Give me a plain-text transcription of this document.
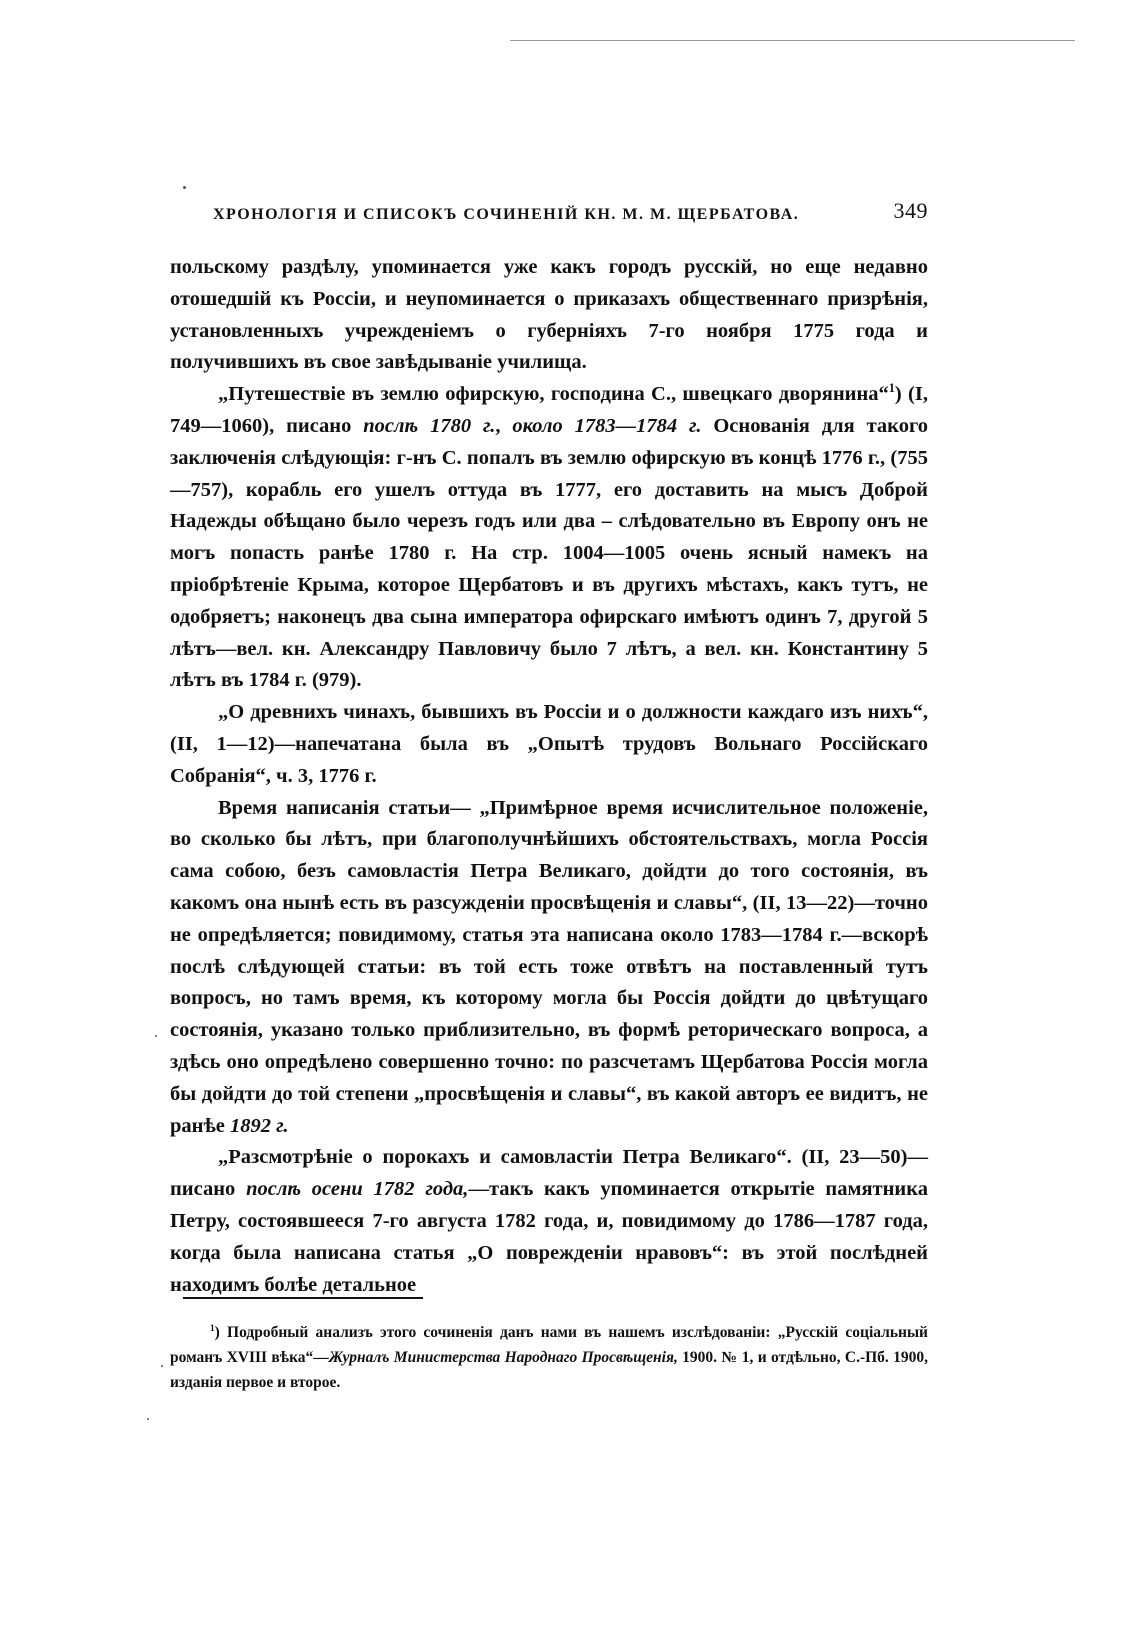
ХРОНОЛОГІЯ И СПИСОКЪ СОЧИНЕНІЙ КН. М. М. ЩЕРБАТОВА.	349

польскому раздѣлу, упоминается уже какъ городъ русскій, но еще недавно отошедшій къ Россіи, и неупоминается о приказахъ общественнаго призрѣнія, установленныхъ учрежденіемъ о губерніяхъ 7-го ноября 1775 года и получившихъ въ свое завѣдываніе училища.

„Путешествіе въ землю офирскую, господина С., швецкаго дворянина“$^1$) (I, 749—1060), писано послѣ 1780 г., около 1783—1784 г. Основанія для такого заключенія слѣдующія: г-нъ С. попалъ въ землю офирскую въ концѣ 1776 г., (755—757), корабль его ушелъ оттуда въ 1777, его доставить на мысъ Доброй Надежды обѣщано было черезъ годъ или два – слѣдовательно въ Европу онъ не могъ попасть ранѣе 1780 г. На стр. 1004—1005 очень ясный намекъ на пріобрѣтеніе Крыма, которое Щербатовъ и въ другихъ мѣстахъ, какъ тутъ, не одобряетъ; наконецъ два сына императора офирскаго имѣютъ одинъ 7, другой 5 лѣтъ—вел. кн. Александру Павловичу было 7 лѣтъ, а вел. кн. Константину 5 лѣтъ въ 1784 г. (979).

„О древнихъ чинахъ, бывшихъ въ Россіи и о должности каждаго изъ нихъ“, (II, 1—12)—напечатана была въ „Опытѣ трудовъ Вольнаго Россійскаго Собранія“, ч. 3, 1776 г.

Время написанія статьи— „Примѣрное время исчислительное положеніе, во сколько бы лѣтъ, при благополучнѣйшихъ обстоятельствахъ, могла Россія сама собою, безъ самовластія Петра Великаго, дойдти до того состоянія, въ какомъ она нынѣ есть въ разсужденіи просвѣщенія и славы“, (II, 13—22)—точно не опредѣляется; повидимому, статья эта написана около 1783—1784 г.—вскорѣ послѣ слѣдующей статьи: въ той есть тоже отвѣтъ на поставленный тутъ вопросъ, но тамъ время, къ которому могла бы Россія дойдти до цвѣтущаго состоянія, указано только приблизительно, въ формѣ реторическаго вопроса, а здѣсь оно опредѣлено совершенно точно: по разсчетамъ Щербатова Россія могла бы дойдти до той степени „просвѣщенія и славы“, въ какой авторъ ее видитъ, не ранѣе 1892 г.

„Разсмотрѣніе о порокахъ и самовластіи Петра Великаго“. (II, 23—50)—писано послѣ осени 1782 года,—такъ какъ упоминается открытіе памятника Петру, состоявшееся 7-го августа 1782 года, и, повидимому до 1786—1787 года, когда была написана статья „О поврежденіи нравовъ“: въ этой послѣдней находимъ болѣе детальное

$^1$) Подробный анализъ этого сочиненія данъ нами въ нашемъ изслѣдованіи: „Русскій соціальный романъ XVIII вѣка“—Журналъ Министерства Народнаго Просвѣщенія, 1900. № 1, и отдѣльно, С.-Пб. 1900, изданія первое и второе.
